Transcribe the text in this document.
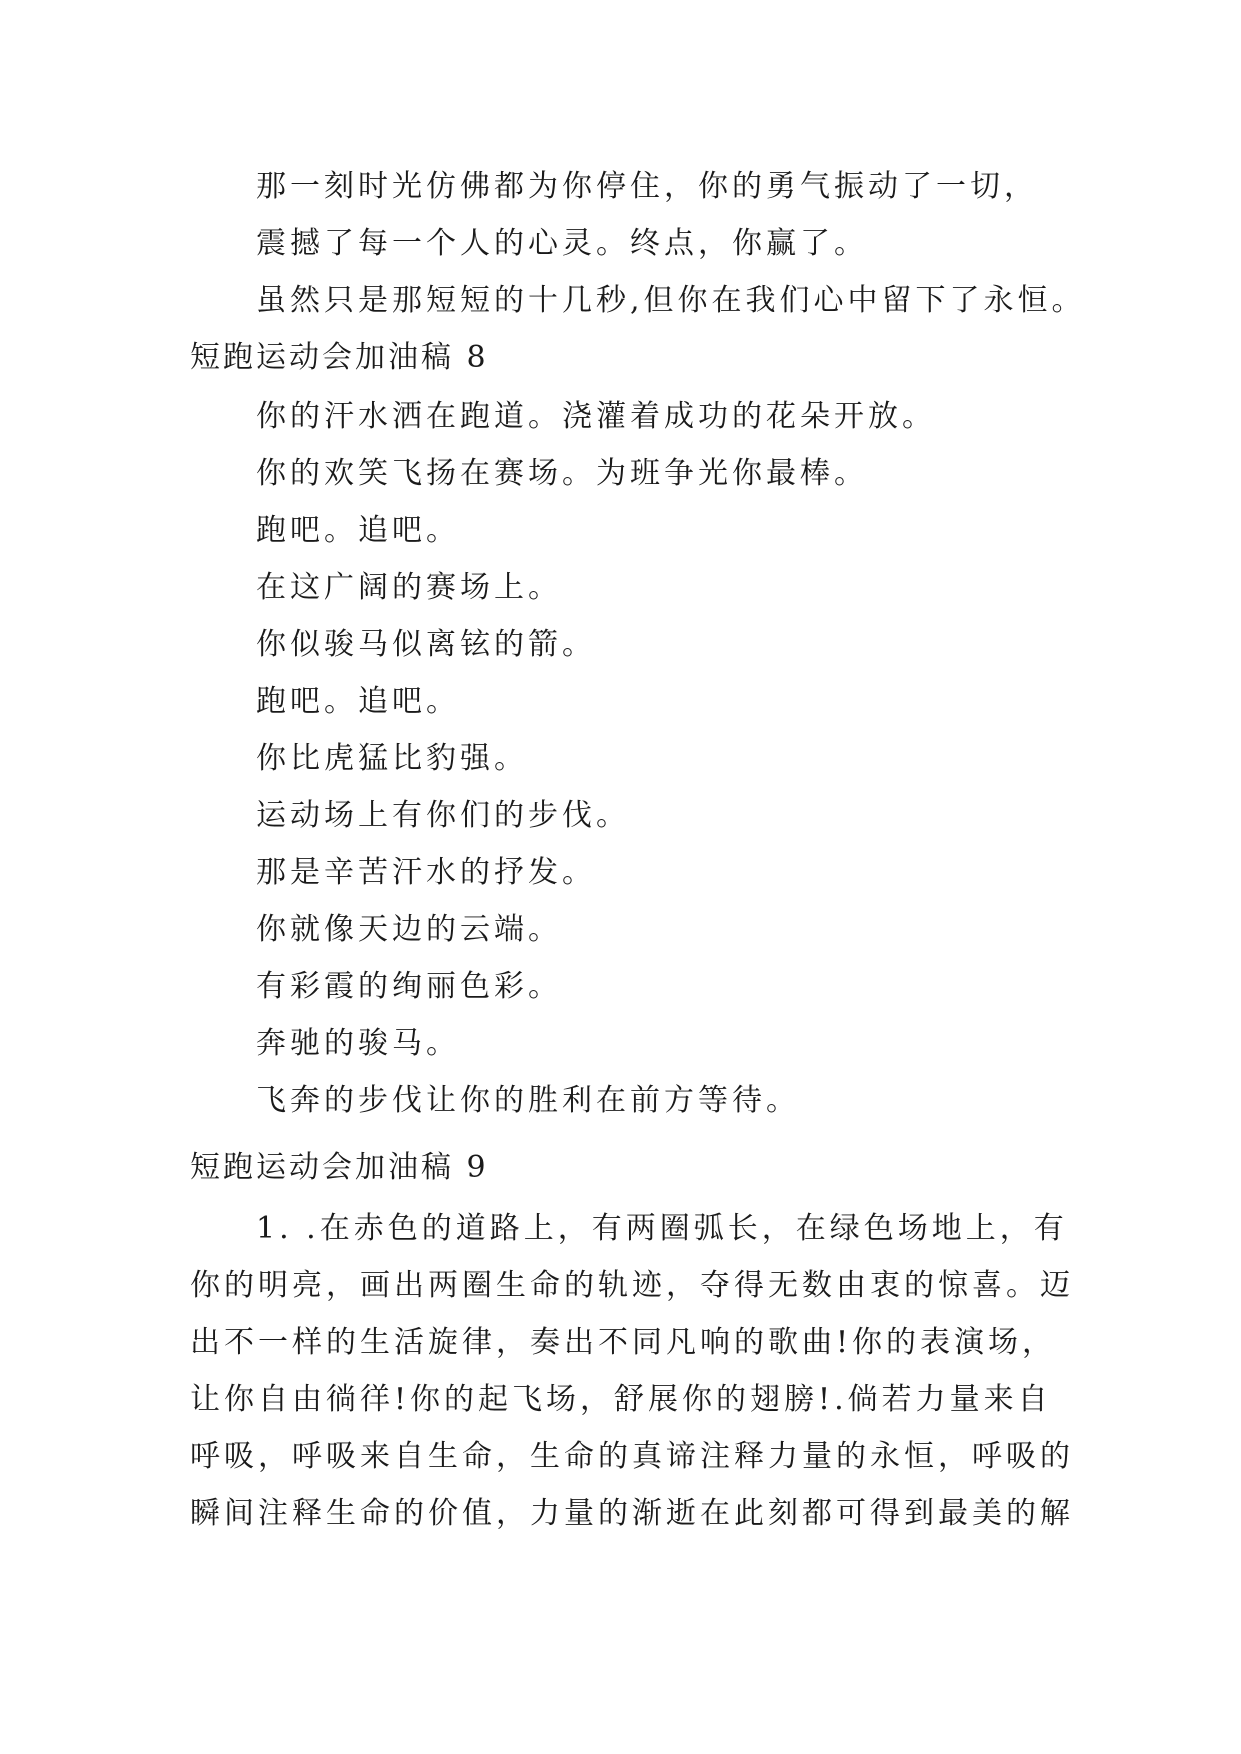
那一刻时光仿佛都为你停住，你的勇气振动了一切，
震撼了每一个人的心灵。终点，你赢了。
虽然只是那短短的十几秒,但你在我们心中留下了永恒。
短跑运动会加油稿 8
你的汗水洒在跑道。浇灌着成功的花朵开放。
你的欢笑飞扬在赛场。为班争光你最棒。
跑吧。追吧。
在这广阔的赛场上。
你似骏马似离铉的箭。
跑吧。追吧。
你比虎猛比豹强。
运动场上有你们的步伐。
那是辛苦汗水的抒发。
你就像天边的云端。
有彩霞的绚丽色彩。
奔驰的骏马。
飞奔的步伐让你的胜利在前方等待。
短跑运动会加油稿 9
1. .在赤色的道路上，有两圈弧长，在绿色场地上，有
你的明亮，画出两圈生命的轨迹，夺得无数由衷的惊喜。迈
出不一样的生活旋律，奏出不同凡响的歌曲!你的表演场，
让你自由徜徉!你的起飞场，舒展你的翅膀!.倘若力量来自
呼吸，呼吸来自生命，生命的真谛注释力量的永恒，呼吸的
瞬间注释生命的价值，力量的渐逝在此刻都可得到最美的解
